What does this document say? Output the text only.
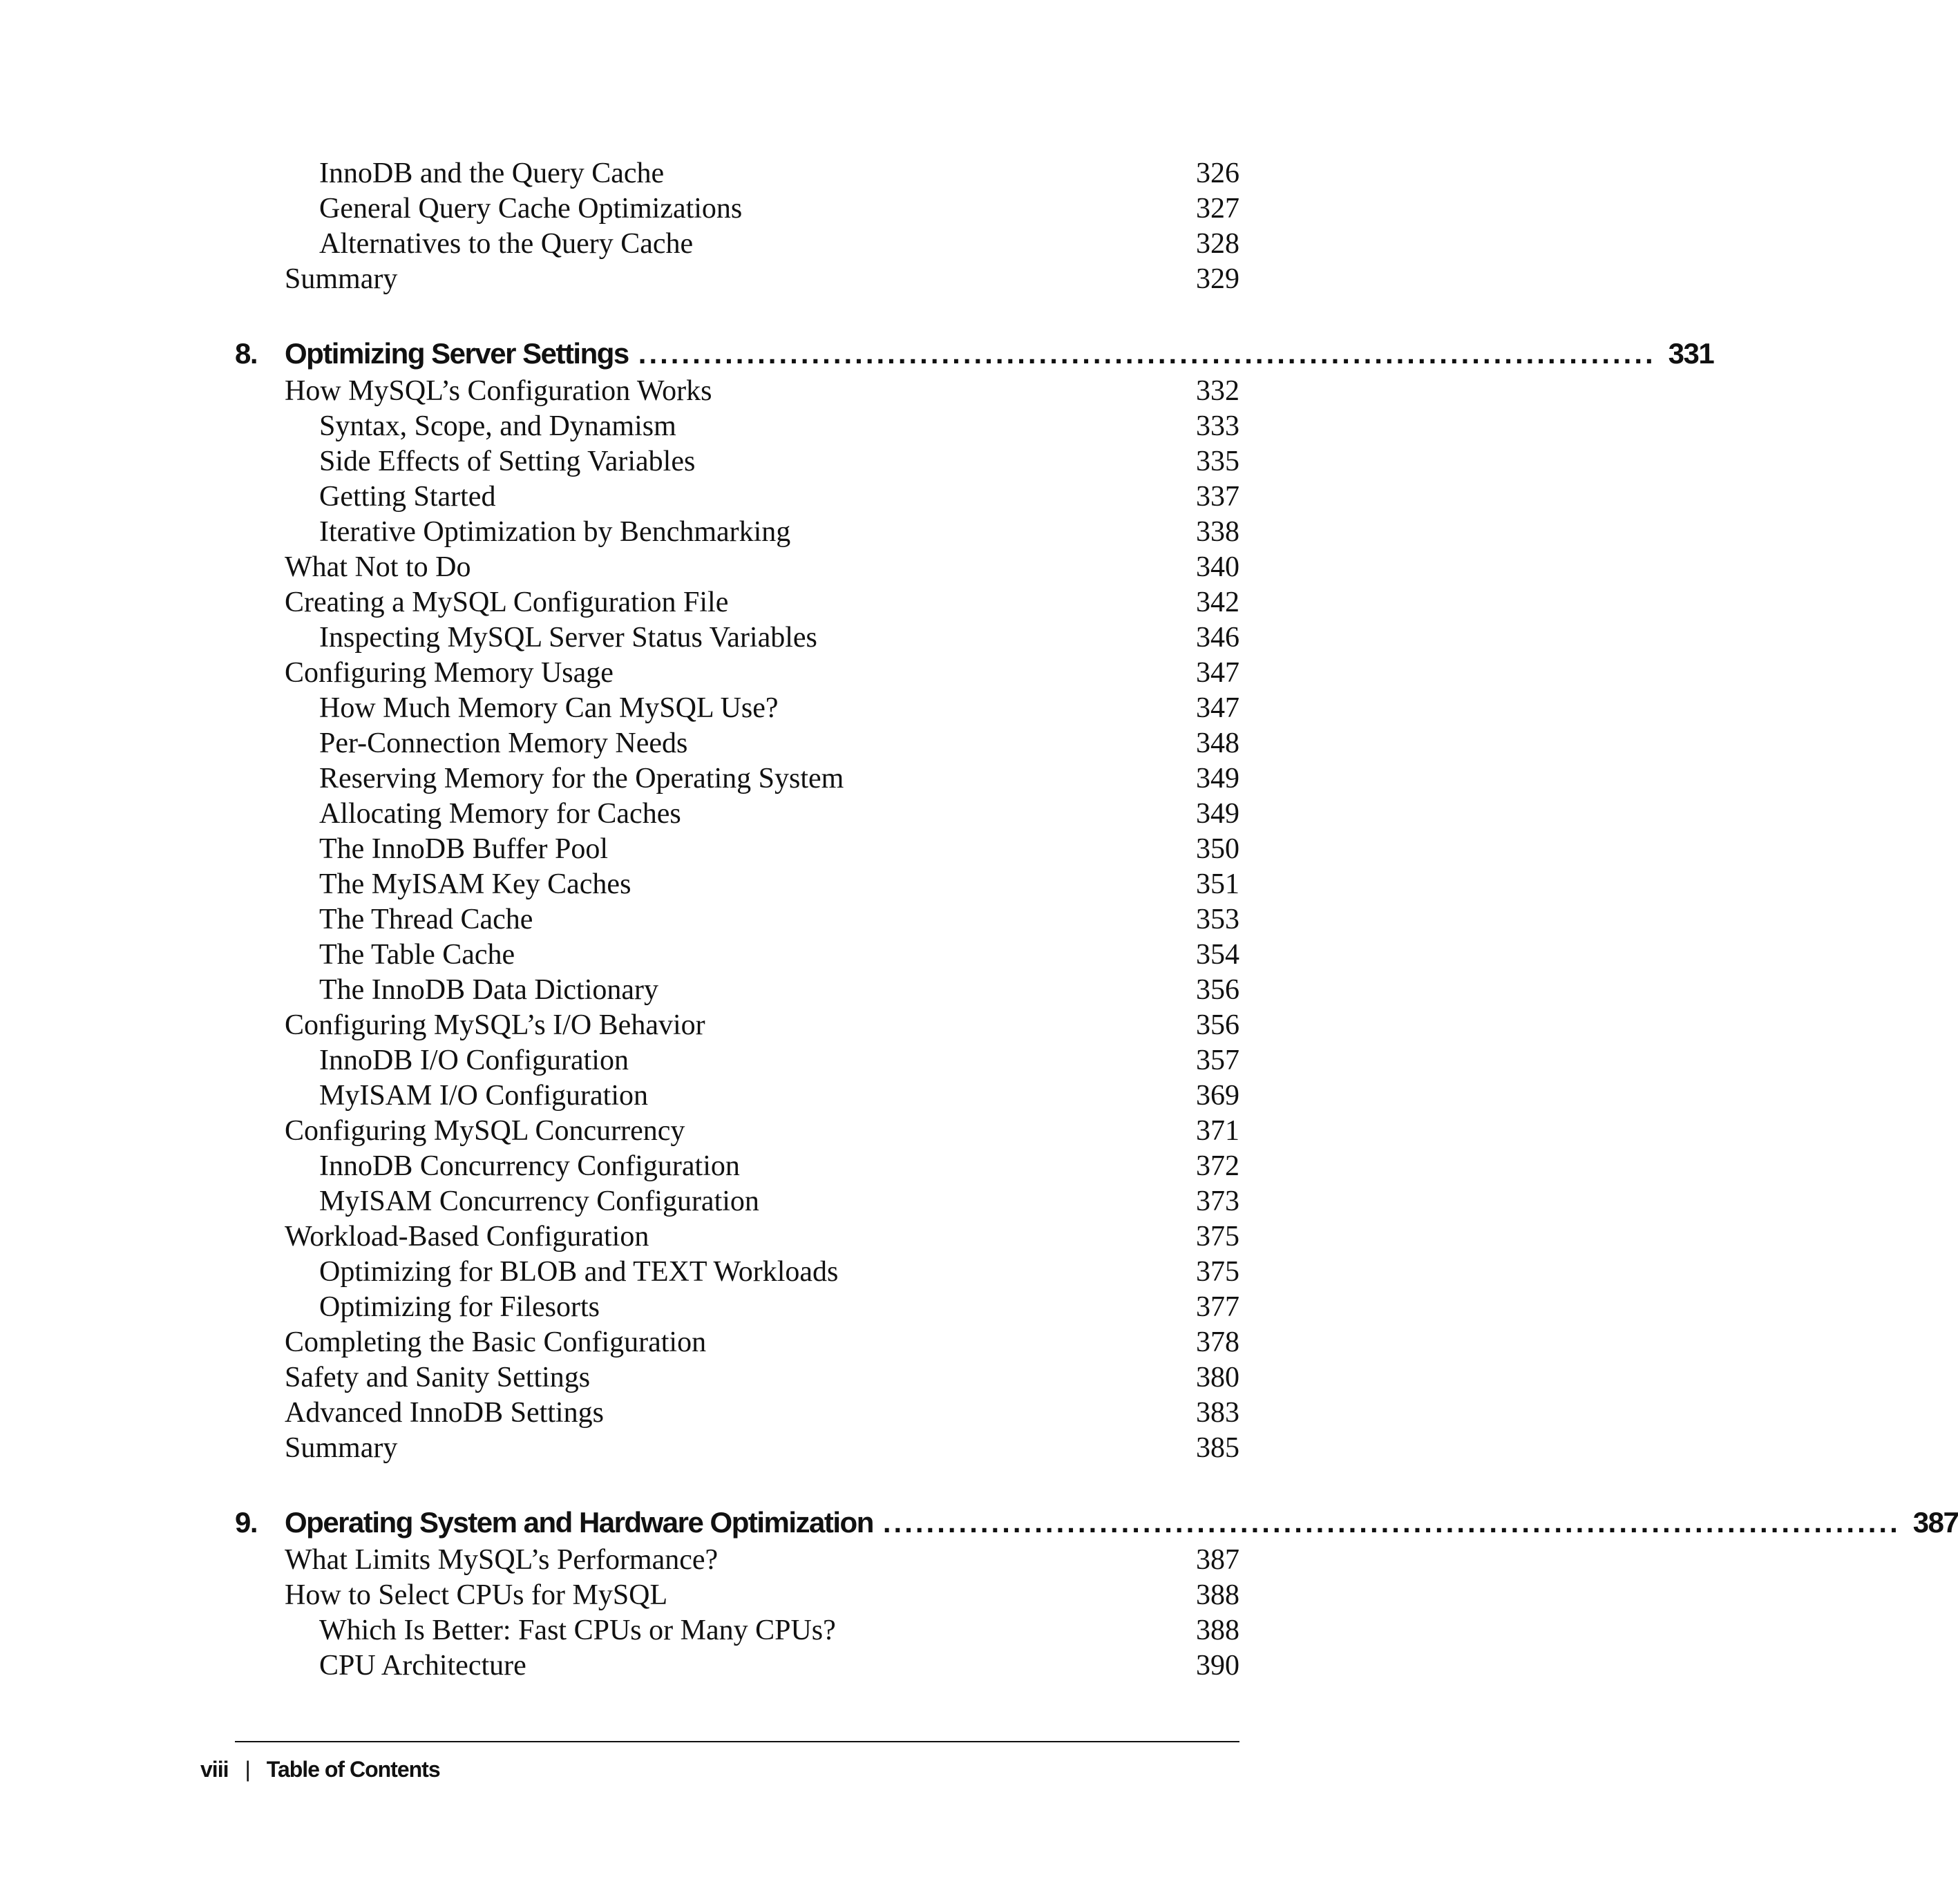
InnoDB and the Query Cache	326
General Query Cache Optimizations	327
Alternatives to the Query Cache	328
Summary	329
8. Optimizing Server Settings .............................................................................................. 331
How MySQL’s Configuration Works	332
Syntax, Scope, and Dynamism	333
Side Effects of Setting Variables	335
Getting Started	337
Iterative Optimization by Benchmarking	338
What Not to Do	340
Creating a MySQL Configuration File	342
Inspecting MySQL Server Status Variables	346
Configuring Memory Usage	347
How Much Memory Can MySQL Use?	347
Per-Connection Memory Needs	348
Reserving Memory for the Operating System	349
Allocating Memory for Caches	349
The InnoDB Buffer Pool	350
The MyISAM Key Caches	351
The Thread Cache	353
The Table Cache	354
The InnoDB Data Dictionary	356
Configuring MySQL’s I/O Behavior	356
InnoDB I/O Configuration	357
MyISAM I/O Configuration	369
Configuring MySQL Concurrency	371
InnoDB Concurrency Configuration	372
MyISAM Concurrency Configuration	373
Workload-Based Configuration	375
Optimizing for BLOB and TEXT Workloads	375
Optimizing for Filesorts	377
Completing the Basic Configuration	378
Safety and Sanity Settings	380
Advanced InnoDB Settings	383
Summary	385
9. Operating System and Hardware Optimization .............................................................................................. 387
What Limits MySQL’s Performance?	387
How to Select CPUs for MySQL	388
Which Is Better: Fast CPUs or Many CPUs?	388
CPU Architecture	390
viii | Table of Contents
